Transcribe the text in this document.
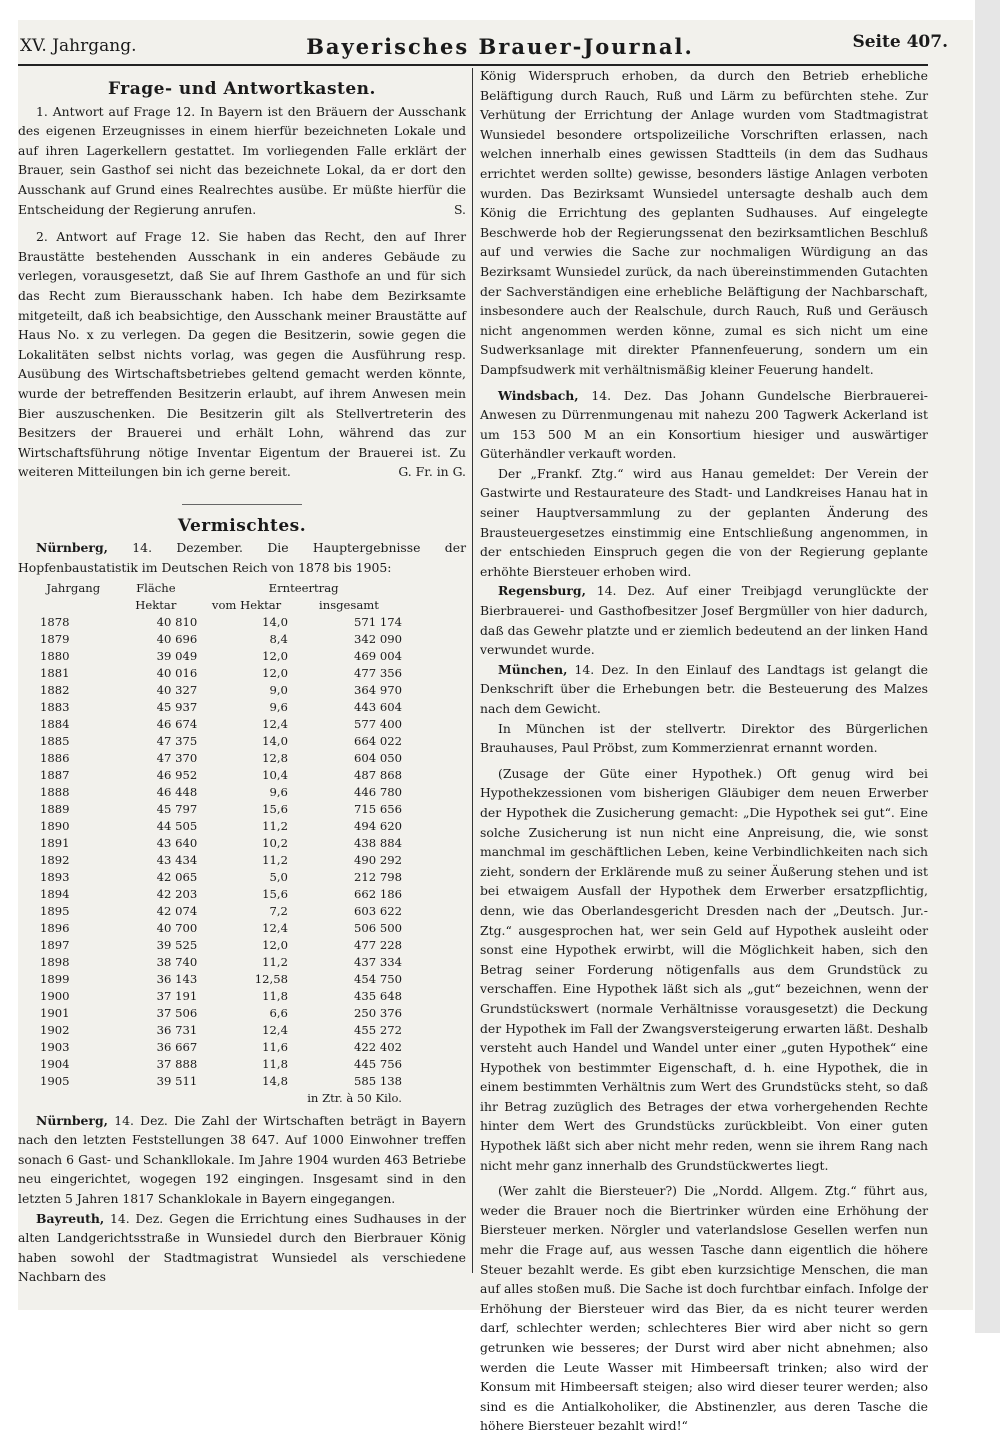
XV. Jahrgang.	Bayerisches Brauer-Journal.	Seite 407.
Frage- und Antwortkasten.

1. Antwort auf Frage 12. In Bayern ist den Bräuern der Ausschank des eigenen Erzeugnisses in einem hierfür bezeichneten Lokale und auf ihren Lagerkellern gestattet. Im vorliegenden Falle erklärt der Brauer, sein Gasthof sei nicht das bezeichnete Lokal, da er dort den Ausschank auf Grund eines Realrechtes ausübe. Er müßte hierfür die Entscheidung der Regierung anrufen.	S.

2. Antwort auf Frage 12. Sie haben das Recht, den auf Ihrer Braustätte bestehenden Ausschank in ein anderes Gebäude zu verlegen, vorausgesetzt, daß Sie auf Ihrem Gasthofe an und für sich das Recht zum Bierausschank haben. Ich habe dem Bezirksamte mitgeteilt, daß ich beabsichtige, den Ausschank meiner Braustätte auf Haus No. x zu verlegen. Da gegen die Besitzerin, sowie gegen die Lokalitäten selbst nichts vorlag, was gegen die Ausführung resp. Ausübung des Wirtschaftsbetriebes geltend gemacht werden könnte, wurde der betreffenden Besitzerin erlaubt, auf ihrem Anwesen mein Bier auszuschenken. Die Besitzerin gilt als Stellvertreterin des Besitzers der Brauerei und erhält Lohn, während das zur Wirtschaftsführung nötige Inventar Eigentum der Brauerei ist. Zu weiteren Mitteilungen bin ich gerne bereit.	G. Fr. in G.

Vermischtes.

Nürnberg, 14. Dezember. Die Hauptergebnisse der Hopfenbaustatistik im Deutschen Reich von 1878 bis 1905:

Jahrgang	Fläche	Ernteertrag	
	Hektar	vom Hektar	insgesamt
1878	40 810	14,0	571 174
1879	40 696	8,4	342 090
1880	39 049	12,0	469 004
1881	40 016	12,0	477 356
1882	40 327	9,0	364 970
1883	45 937	9,6	443 604
1884	46 674	12,4	577 400
1885	47 375	14,0	664 022
1886	47 370	12,8	604 050
1887	46 952	10,4	487 868
1888	46 448	9,6	446 780
1889	45 797	15,6	715 656
1890	44 505	11,2	494 620
1891	43 640	10,2	438 884
1892	43 434	11,2	490 292
1893	42 065	5,0	212 798
1894	42 203	15,6	662 186
1895	42 074	7,2	603 622
1896	40 700	12,4	506 500
1897	39 525	12,0	477 228
1898	38 740	11,2	437 334
1899	36 143	12,58	454 750
1900	37 191	11,8	435 648
1901	37 506	6,6	250 376
1902	36 731	12,4	455 272
1903	36 667	11,6	422 402
1904	37 888	11,8	445 756
1905	39 511	14,8	585 138
		in Ztr. à 50 Kilo.	

Nürnberg, 14. Dez. Die Zahl der Wirtschaften beträgt in Bayern nach den letzten Feststellungen 38 647. Auf 1000 Einwohner treffen sonach 6 Gast- und Schankllokale. Im Jahre 1904 wurden 463 Betriebe neu eingerichtet, wogegen 192 eingingen. Insgesamt sind in den letzten 5 Jahren 1817 Schanklokale in Bayern eingegangen.

Bayreuth, 14. Dez. Gegen die Errichtung eines Sudhauses in der alten Landgerichtsstraße in Wunsiedel durch den Bierbrauer König haben sowohl der Stadtmagistrat Wunsiedel als verschiedene Nachbarn des

König Widerspruch erhoben, da durch den Betrieb erhebliche Beläftigung durch Rauch, Ruß und Lärm zu befürchten stehe. Zur Verhütung der Errichtung der Anlage wurden vom Stadtmagistrat Wunsiedel besondere ortspolizeiliche Vorschriften erlassen, nach welchen innerhalb eines gewissen Stadtteils (in dem das Sudhaus errichtet werden sollte) gewisse, besonders lästige Anlagen verboten wurden. Das Bezirksamt Wunsiedel untersagte deshalb auch dem König die Errichtung des geplanten Sudhauses. Auf eingelegte Beschwerde hob der Regierungssenat den bezirksamtlichen Beschluß auf und verwies die Sache zur nochmaligen Würdigung an das Bezirksamt Wunsiedel zurück, da nach übereinstimmenden Gutachten der Sachverständigen eine erhebliche Beläftigung der Nachbarschaft, insbesondere auch der Realschule, durch Rauch, Ruß und Geräusch nicht angenommen werden könne, zumal es sich nicht um eine Sudwerksanlage mit direkter Pfannenfeuerung, sondern um ein Dampfsudwerk mit verhältnismäßig kleiner Feuerung handelt.

Windsbach, 14. Dez. Das Johann Gundelsche Bierbrauerei-Anwesen zu Dürrenmungenau mit nahezu 200 Tagwerk Ackerland ist um 153 500 M an ein Konsortium hiesiger und auswärtiger Güterhändler verkauft worden.

Der „Frankf. Ztg.“ wird aus Hanau gemeldet: Der Verein der Gastwirte und Restaurateure des Stadt- und Landkreises Hanau hat in seiner Hauptversammlung zu der geplanten Änderung des Brausteuergesetzes einstimmig eine Entschließung angenommen, in der entschieden Einspruch gegen die von der Regierung geplante erhöhte Biersteuer erhoben wird.

Regensburg, 14. Dez. Auf einer Treibjagd verunglückte der Bierbrauerei- und Gasthofbesitzer Josef Bergmüller von hier dadurch, daß das Gewehr platzte und er ziemlich bedeutend an der linken Hand verwundet wurde.

München, 14. Dez. In den Einlauf des Landtags ist gelangt die Denkschrift über die Erhebungen betr. die Besteuerung des Malzes nach dem Gewicht.

In München ist der stellvertr. Direktor des Bürgerlichen Brauhauses, Paul Pröbst, zum Kommerzienrat ernannt worden.

(Zusage der Güte einer Hypothek.) Oft genug wird bei Hypothekzessionen vom bisherigen Gläubiger dem neuen Erwerber der Hypothek die Zusicherung gemacht: „Die Hypothek sei gut“. Eine solche Zusicherung ist nun nicht eine Anpreisung, die, wie sonst manchmal im geschäftlichen Leben, keine Verbindlichkeiten nach sich zieht, sondern der Erklärende muß zu seiner Äußerung stehen und ist bei etwaigem Ausfall der Hypothek dem Erwerber ersatzpflichtig, denn, wie das Oberlandesgericht Dresden nach der „Deutsch. Jur.-Ztg.“ ausgesprochen hat, wer sein Geld auf Hypothek ausleiht oder sonst eine Hypothek erwirbt, will die Möglichkeit haben, sich den Betrag seiner Forderung nötigenfalls aus dem Grundstück zu verschaffen. Eine Hypothek läßt sich als „gut“ bezeichnen, wenn der Grundstückswert (normale Verhältnisse vorausgesetzt) die Deckung der Hypothek im Fall der Zwangsversteigerung erwarten läßt. Deshalb versteht auch Handel und Wandel unter einer „guten Hypothek“ eine Hypothek von bestimmter Eigenschaft, d. h. eine Hypothek, die in einem bestimmten Verhältnis zum Wert des Grundstücks steht, so daß ihr Betrag zuzüglich des Betrages der etwa vorhergehenden Rechte hinter dem Wert des Grundstücks zurückbleibt. Von einer guten Hypothek läßt sich aber nicht mehr reden, wenn sie ihrem Rang nach nicht mehr ganz innerhalb des Grundstückwertes liegt.

(Wer zahlt die Biersteuer?) Die „Nordd. Allgem. Ztg.“ führt aus, weder die Brauer noch die Biertrinker würden eine Erhöhung der Biersteuer merken. Nörgler und vaterlandslose Gesellen werfen nun mehr die Frage auf, aus wessen Tasche dann eigentlich die höhere Steuer bezahlt werde. Es gibt eben kurzsichtige Menschen, die man auf alles stoßen muß. Die Sache ist doch furchtbar einfach. Infolge der Erhöhung der Biersteuer wird das Bier, da es nicht teurer werden darf, schlechter werden; schlechteres Bier wird aber nicht so gern getrunken wie besseres; der Durst wird aber nicht abnehmen; also werden die Leute Wasser mit Himbeersaft trinken; also wird der Konsum mit Himbeersaft steigen; also wird dieser teurer werden; also sind es die Antialkoholiker, die Abstinenzler, aus deren Tasche die höhere Biersteuer bezahlt wird!“
